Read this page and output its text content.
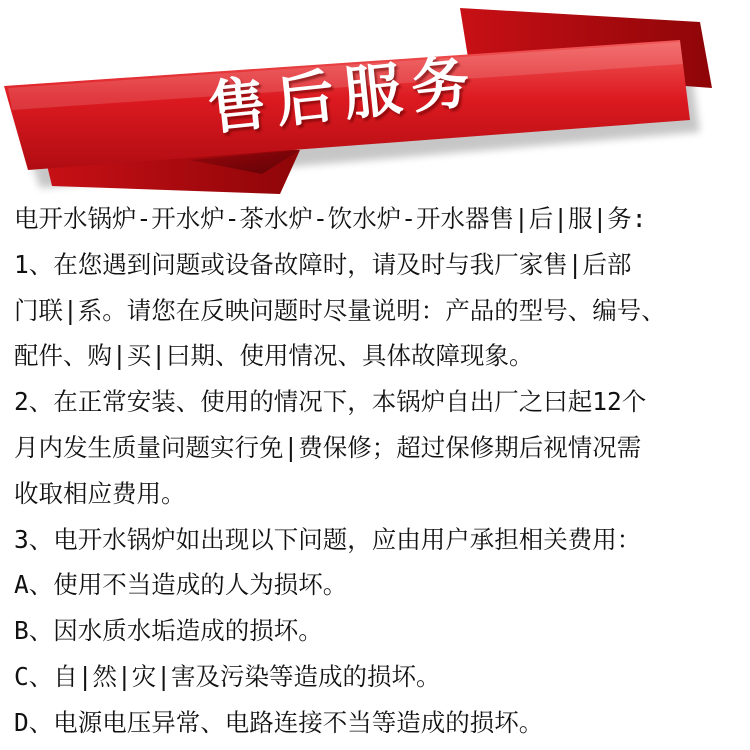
售后服务
电开水锅炉-开水炉-茶水炉-饮水炉-开水器售|后|服|务:
1、在您遇到问题或设备故障时，请及时与我厂家售|后部
门联|系。请您在反映问题时尽量说明：产品的型号、编号、
配件、购|买|曰期、使用情况、具体故障现象。
2、在正常安装、使用的情况下，本锅炉自出厂之曰起12个
月内发生质量问题实行免|费保修；超过保修期后视情况需
收取相应费用。
3、电开水锅炉如出现以下问题，应由用户承担相关费用：
A、使用不当造成的人为损坏。
B、因水质水垢造成的损坏。
C、自|然|灾|害及污染等造成的损坏。
D、电源电压异常、电路连接不当等造成的损坏。
